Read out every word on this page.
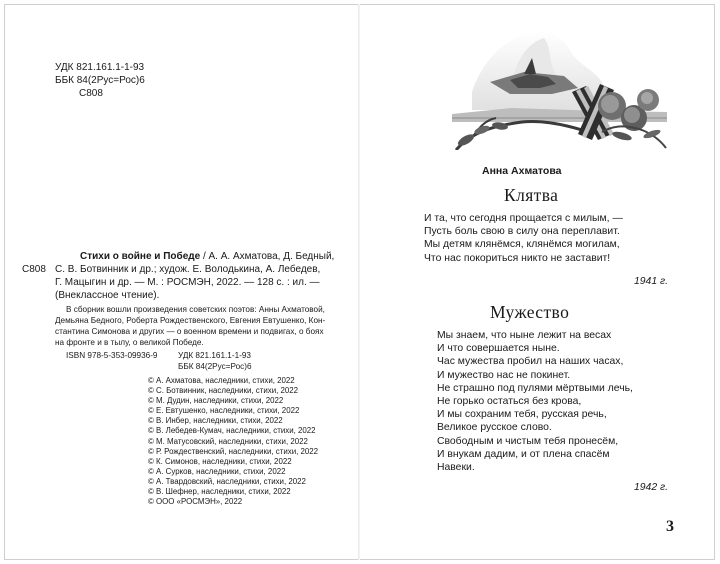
УДК 821.161.1-1-93
ББК 84(2Рус=Рос)6
С808
Стихи о войне и Победе / А. А. Ахматова, Д. Бедный,
С808 С. В. Ботвинник и др.; худож. Е. Володькина, А. Лебедев,
Г. Мацыгин и др. — М. : РОСМЭН, 2022. — 128 с. : ил. —
(Внеклассное чтение).
В сборник вошли произведения советских поэтов: Анны Ахматовой,
Демьяна Бедного, Роберта Рождественского, Евгения Евтушенко, Кон-
стантина Симонова и других — о военном времени и подвигах, о боях
на фронте и в тылу, о великой Победе.
ISBN 978-5-353-09936-9	УДК 821.161.1-1-93
ББК 84(2Рус=Рос)6
© А. Ахматова, наследники, стихи, 2022
© С. Ботвинник, наследники, стихи, 2022
© М. Дудин, наследники, стихи, 2022
© Е. Евтушенко, наследники, стихи, 2022
© В. Инбер, наследники, стихи, 2022
© В. Лебедев-Кумач, наследники, стихи, 2022
© М. Матусовский, наследники, стихи, 2022
© Р. Рождественский, наследники, стихи, 2022
© К. Симонов, наследники, стихи, 2022
© А. Сурков, наследники, стихи, 2022
© А. Твардовский, наследники, стихи, 2022
© В. Шефнер, наследники, стихи, 2022
© ООО «РОСМЭН», 2022
Анна Ахматова
Клятва
И та, что сегодня прощается с милым, —
Пусть боль свою в силу она переплавит.
Мы детям клянёмся, клянёмся могилам,
Что нас покориться никто не заставит!
1941 г.
Мужество
Мы знаем, что ныне лежит на весах
И что совершается ныне.
Час мужества пробил на наших часах,
И мужество нас не покинет.
Не страшно под пулями мёртвыми лечь,
Не горько остаться без крова,
И мы сохраним тебя, русская речь,
Великое русское слово.
Свободным и чистым тебя пронесём,
И внукам дадим, и от плена спасём
Навеки.
1942 г.
3
